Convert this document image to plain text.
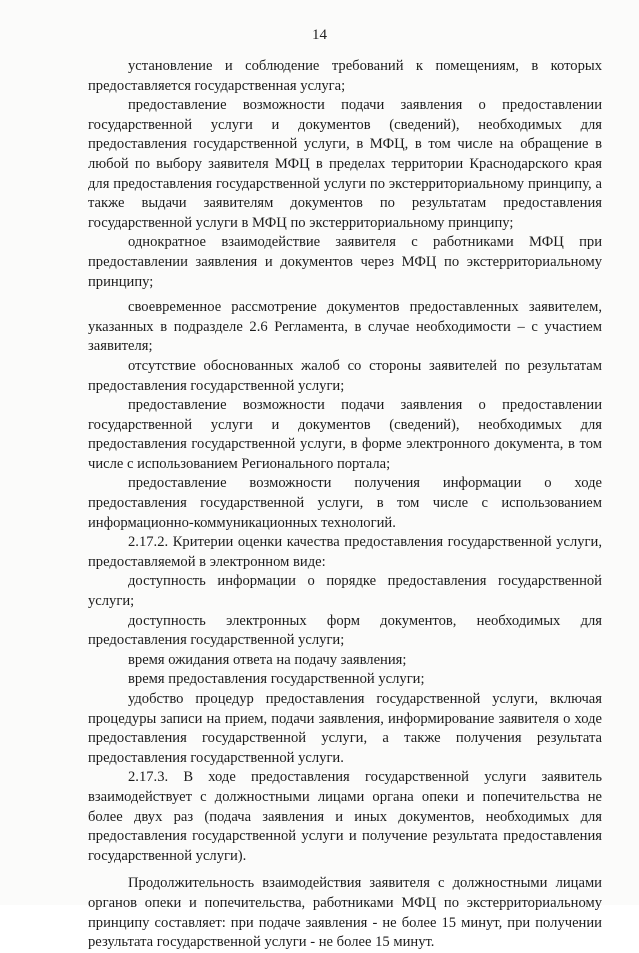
14

установление и соблюдение требований к помещениям, в которых предоставляется государственная услуга;

предоставление возможности подачи заявления о предоставлении государственной услуги и документов (сведений), необходимых для предоставления государственной услуги, в МФЦ, в том числе на обращение в любой по выбору заявителя МФЦ в пределах территории Краснодарского края для предоставления государственной услуги по экстерриториальному принципу, а также выдачи заявителям документов по результатам предоставления государственной услуги в МФЦ по экстерриториальному принципу;

однократное взаимодействие заявителя с работниками МФЦ при предоставлении заявления и документов через МФЦ по экстерриториальному принципу;

своевременное рассмотрение документов предоставленных заявителем, указанных в подразделе 2.6 Регламента, в случае необходимости – с участием заявителя;

отсутствие обоснованных жалоб со стороны заявителей по результатам предоставления государственной услуги;

предоставление возможности подачи заявления о предоставлении государственной услуги и документов (сведений), необходимых для предоставления государственной услуги, в форме электронного документа, в том числе с использованием Регионального портала;

предоставление возможности получения информации о ходе предоставления государственной услуги, в том числе с использованием информационно-коммуникационных технологий.

2.17.2. Критерии оценки качества предоставления государственной услуги, предоставляемой в электронном виде:

доступность информации о порядке предоставления государственной услуги;

доступность электронных форм документов, необходимых для предоставления государственной услуги;

время ожидания ответа на подачу заявления;

время предоставления государственной услуги;

удобство процедур предоставления государственной услуги, включая процедуры записи на прием, подачи заявления, информирование заявителя о ходе предоставления государственной услуги, а также получения результата предоставления государственной услуги.

2.17.3. В ходе предоставления государственной услуги заявитель взаимодействует с должностными лицами органа опеки и попечительства не более двух раз (подача заявления и иных документов, необходимых для предоставления государственной услуги и получение результата предоставления государственной услуги).

Продолжительность взаимодействия заявителя с должностными лицами органов опеки и попечительства, работниками МФЦ по экстерриториальному принципу составляет: при подаче заявления - не более 15 минут, при получении результата государственной услуги - не более 15 минут.
